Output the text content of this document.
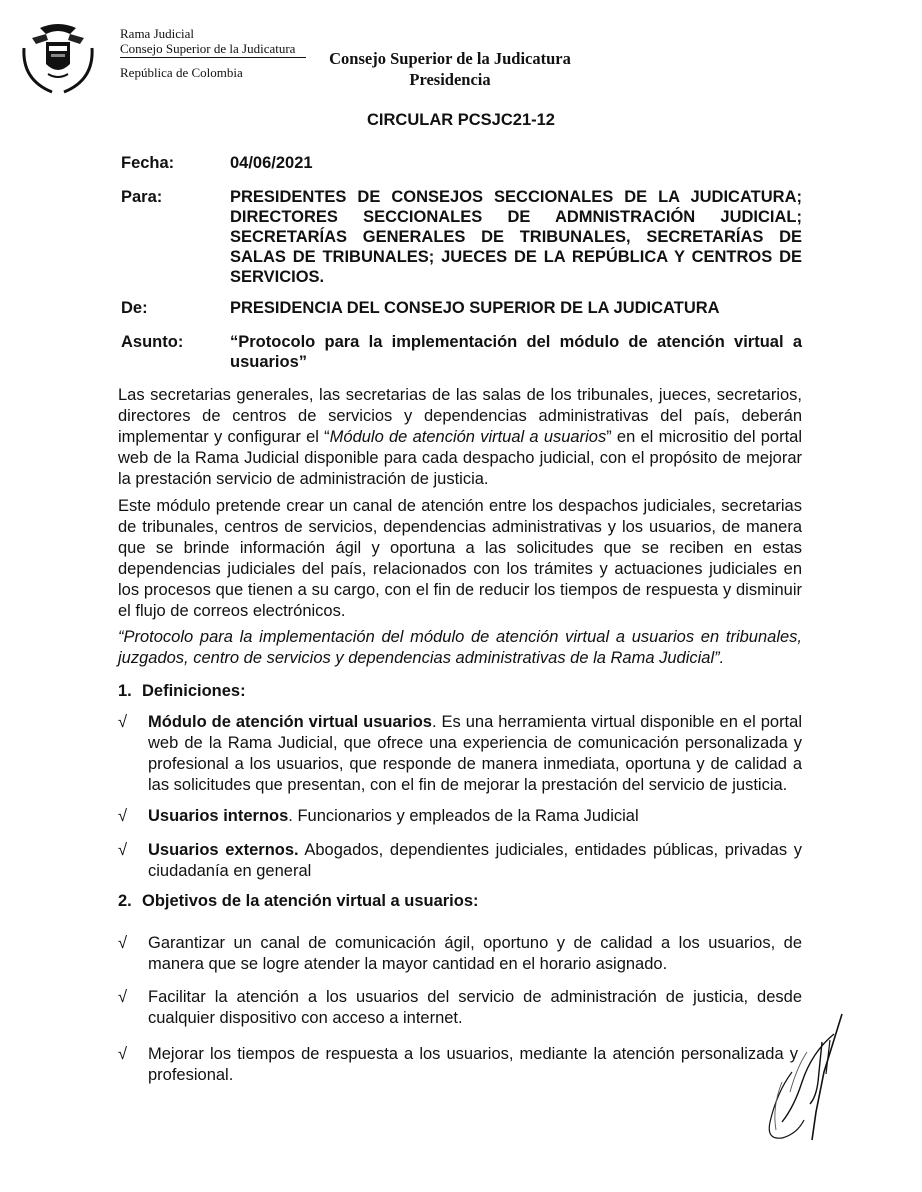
Rama Judicial
Consejo Superior de la Judicatura
República de Colombia
Consejo Superior de la Judicatura
Presidencia
CIRCULAR PCSJC21-12
Fecha:	04/06/2021
Para:	PRESIDENTES DE CONSEJOS SECCIONALES DE LA JUDICATURA; DIRECTORES SECCIONALES DE ADMNISTRACIÓN JUDICIAL; SECRETARÍAS GENERALES DE TRIBUNALES, SECRETARÍAS DE SALAS DE TRIBUNALES; JUECES DE LA REPÚBLICA Y CENTROS DE SERVICIOS.
De:	PRESIDENCIA DEL CONSEJO SUPERIOR DE LA JUDICATURA
Asunto:	“Protocolo para la implementación del módulo de atención virtual a usuarios”

Las secretarias generales, las secretarias de las salas de los tribunales, jueces, secretarios, directores de centros de servicios y dependencias administrativas del país, deberán implementar y configurar el “Módulo de atención virtual a usuarios” en el micrositio del portal web de la Rama Judicial disponible para cada despacho judicial, con el propósito de mejorar la prestación servicio de administración de justicia.

Este módulo pretende crear un canal de atención entre los despachos judiciales, secretarias de tribunales, centros de servicios, dependencias administrativas y los usuarios, de manera que se brinde información ágil y oportuna a las solicitudes que se reciben en estas dependencias judiciales del país, relacionados con los trámites y actuaciones judiciales en los procesos que tienen a su cargo, con el fin de reducir los tiempos de respuesta y disminuir el flujo de correos electrónicos.

“Protocolo para la implementación del módulo de atención virtual a usuarios en tribunales, juzgados, centro de servicios y dependencias administrativas de la Rama Judicial”.

1. Definiciones:
√	Módulo de atención virtual usuarios. Es una herramienta virtual disponible en el portal web de la Rama Judicial, que ofrece una experiencia de comunicación personalizada y profesional a los usuarios, que responde de manera inmediata, oportuna y de calidad a las solicitudes que presentan, con el fin de mejorar la prestación del servicio de justicia.
√	Usuarios internos. Funcionarios y empleados de la Rama Judicial
√	Usuarios externos. Abogados, dependientes judiciales, entidades públicas, privadas y ciudadanía en general
2. Objetivos de la atención virtual a usuarios:
√	Garantizar un canal de comunicación ágil, oportuno y de calidad a los usuarios, de manera que se logre atender la mayor cantidad en el horario asignado.
√	Facilitar la atención a los usuarios del servicio de administración de justicia, desde cualquier dispositivo con acceso a internet.
√	Mejorar los tiempos de respuesta a los usuarios, mediante la atención personalizada y profesional.
